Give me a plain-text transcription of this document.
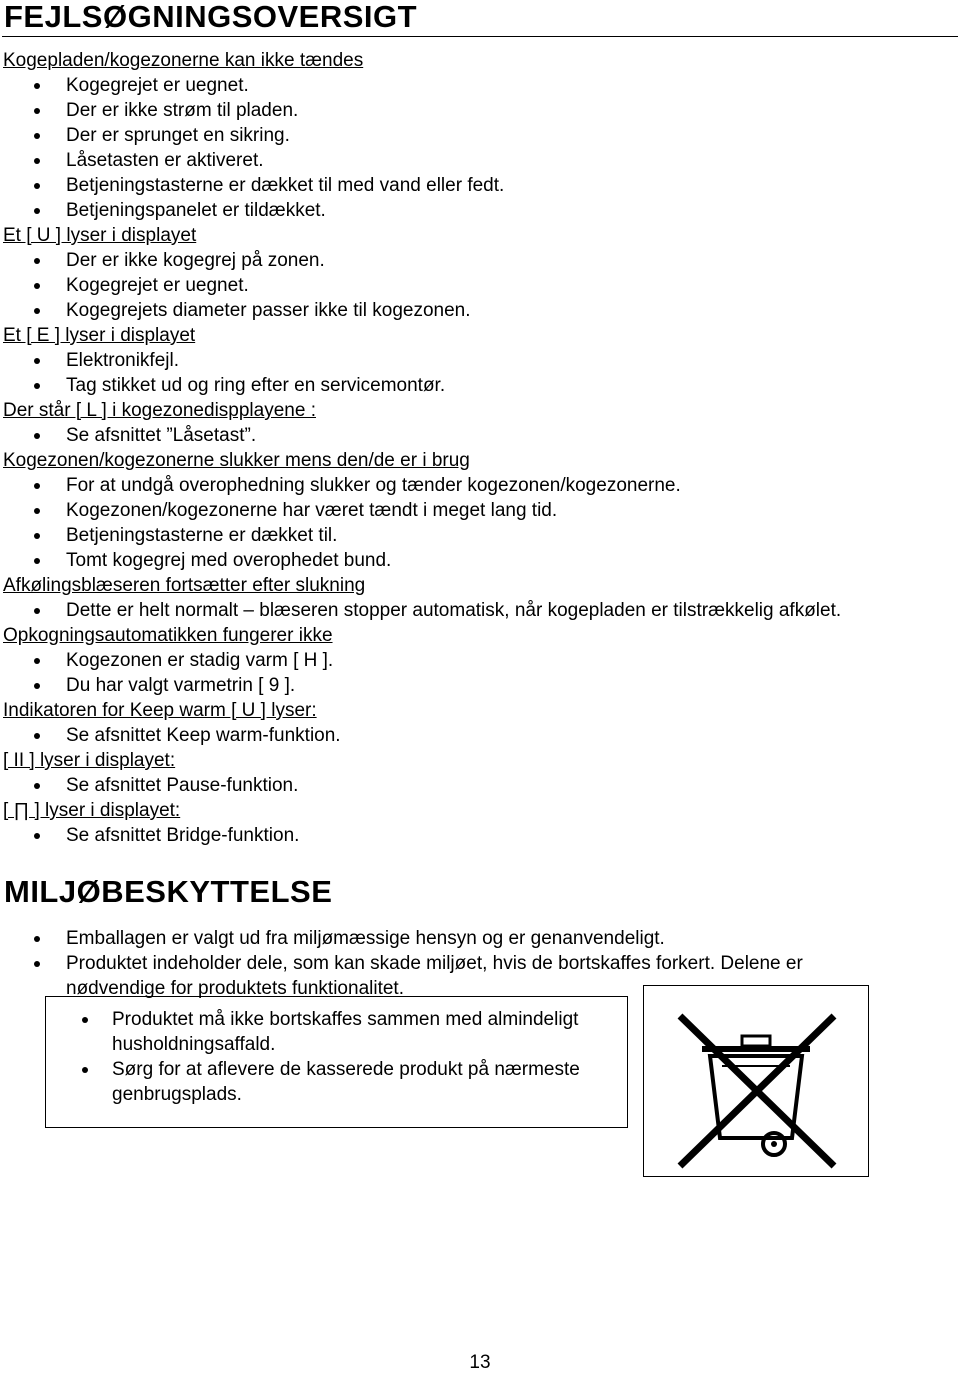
FEJLSØGNINGSOVERSIGT
Kogepladen/kogezonerne kan ikke tændes
Kogegrejet er uegnet.
Der er ikke strøm til pladen.
Der er sprunget en sikring.
Låsetasten er aktiveret.
Betjeningstasterne er dækket til med vand eller fedt.
Betjeningspanelet er tildækket.
Et [ U ] lyser i displayet
Der er ikke kogegrej på zonen.
Kogegrejet er uegnet.
Kogegrejets diameter passer ikke til kogezonen.
Et [ E ] lyser i displayet
Elektronikfejl.
Tag stikket ud og ring efter en servicemontør.
Der står [ L ] i kogezonedispplayene :
Se afsnittet ”Låsetast”.
Kogezonen/kogezonerne slukker mens den/de er i brug
For at undgå overophedning slukker og tænder kogezonen/kogezonerne.
Kogezonen/kogezonerne har været tændt i meget lang tid.
Betjeningstasterne er dækket til.
Tomt kogegrej med overophedet bund.
Afkølingsblæseren fortsætter efter slukning
Dette er helt normalt – blæseren stopper automatisk, når kogepladen er tilstrækkelig afkølet.
Opkogningsautomatikken fungerer ikke
Kogezonen er stadig varm [ H ].
Du har valgt varmetrin [ 9 ].
Indikatoren for Keep warm [ U ] lyser:
Se afsnittet Keep warm-funktion.
[ II ] lyser i displayet:
Se afsnittet Pause-funktion.
[ ∏ ] lyser i displayet:
Se afsnittet Bridge-funktion.
MILJØBESKYTTELSE
Emballagen er valgt ud fra miljømæssige hensyn og er genanvendeligt.
Produktet indeholder dele, som kan skade miljøet, hvis de bortskaffes forkert. Delene er nødvendige for produktets funktionalitet.
Produktet må ikke bortskaffes sammen med almindeligt husholdningsaffald.
Sørg for at aflevere de kasserede produkt på nærmeste genbrugsplads.
13
